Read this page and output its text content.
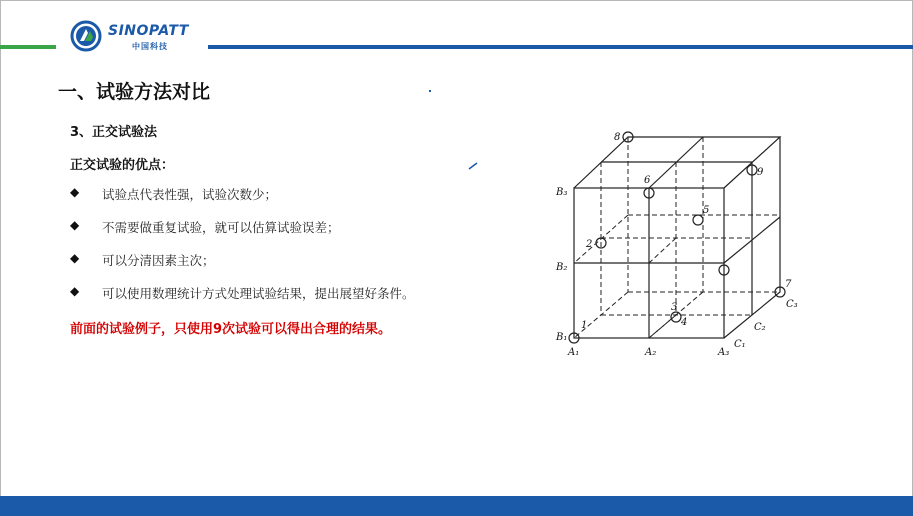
SINOPATT
中国科技
一、试验方法对比
3、正交试验法
正交试验的优点：
◆ 试验点代表性强，试验次数少；
◆ 不需要做重复试验，就可以估算试验误差；
◆ 可以分清因素主次；
◆ 可以使用数理统计方式处理试验结果，提出展望好条件。
前面的试验例子，只使用9次试验可以得出合理的结果。	1
2
3
4
5
6
7
8
9
B₃
B₂
B₁
A₁	A₂	A₃
C₁
C₂
C₃
